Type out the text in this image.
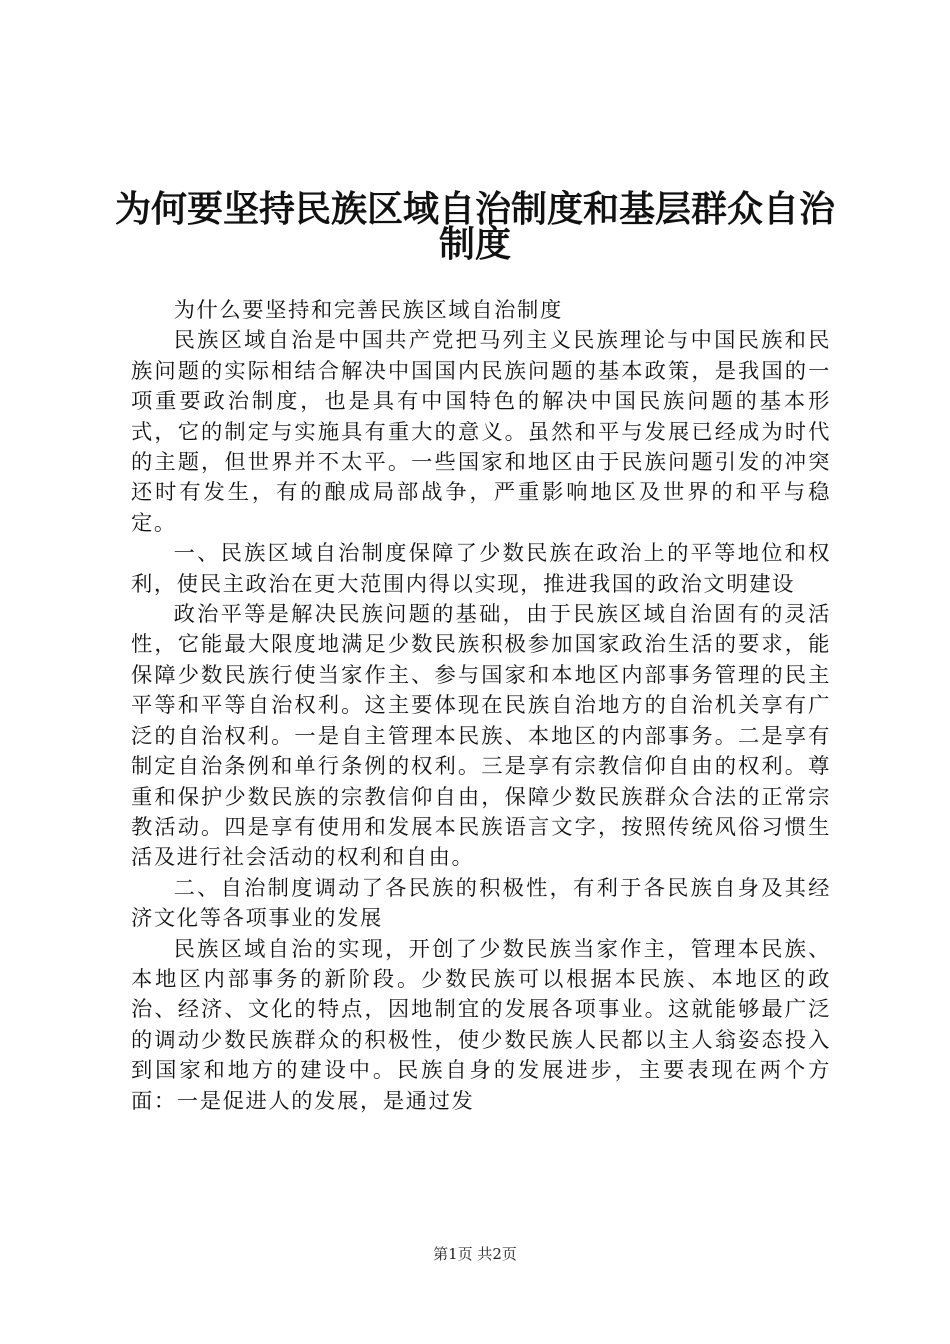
为何要坚持民族区域自治制度和基层群众自治
制度

为什么要坚持和完善民族区域自治制度

民族区域自治是中国共产党把马列主义民族理论与中国民族和民族问题的实际相结合解决中国国内民族问题的基本政策，是我国的一项重要政治制度，也是具有中国特色的解决中国民族问题的基本形式，它的制定与实施具有重大的意义。虽然和平与发展已经成为时代的主题，但世界并不太平。一些国家和地区由于民族问题引发的冲突还时有发生，有的酿成局部战争，严重影响地区及世界的和平与稳定。

一、民族区域自治制度保障了少数民族在政治上的平等地位和权利，使民主政治在更大范围内得以实现，推进我国的政治文明建设

政治平等是解决民族问题的基础，由于民族区域自治固有的灵活性，它能最大限度地满足少数民族积极参加国家政治生活的要求，能保障少数民族行使当家作主、参与国家和本地区内部事务管理的民主平等和平等自治权利。这主要体现在民族自治地方的自治机关享有广泛的自治权利。一是自主管理本民族、本地区的内部事务。二是享有制定自治条例和单行条例的权利。三是享有宗教信仰自由的权利。尊重和保护少数民族的宗教信仰自由，保障少数民族群众合法的正常宗教活动。四是享有使用和发展本民族语言文字，按照传统风俗习惯生活及进行社会活动的权利和自由。

二、自治制度调动了各民族的积极性，有利于各民族自身及其经济文化等各项事业的发展

民族区域自治的实现，开创了少数民族当家作主，管理本民族、本地区内部事务的新阶段。少数民族可以根据本民族、本地区的政治、经济、文化的特点，因地制宜的发展各项事业。这就能够最广泛的调动少数民族群众的积极性，使少数民族人民都以主人翁姿态投入到国家和地方的建设中。民族自身的发展进步，主要表现在两个方面：一是促进人的发展，是通过发

第1页 共2页
